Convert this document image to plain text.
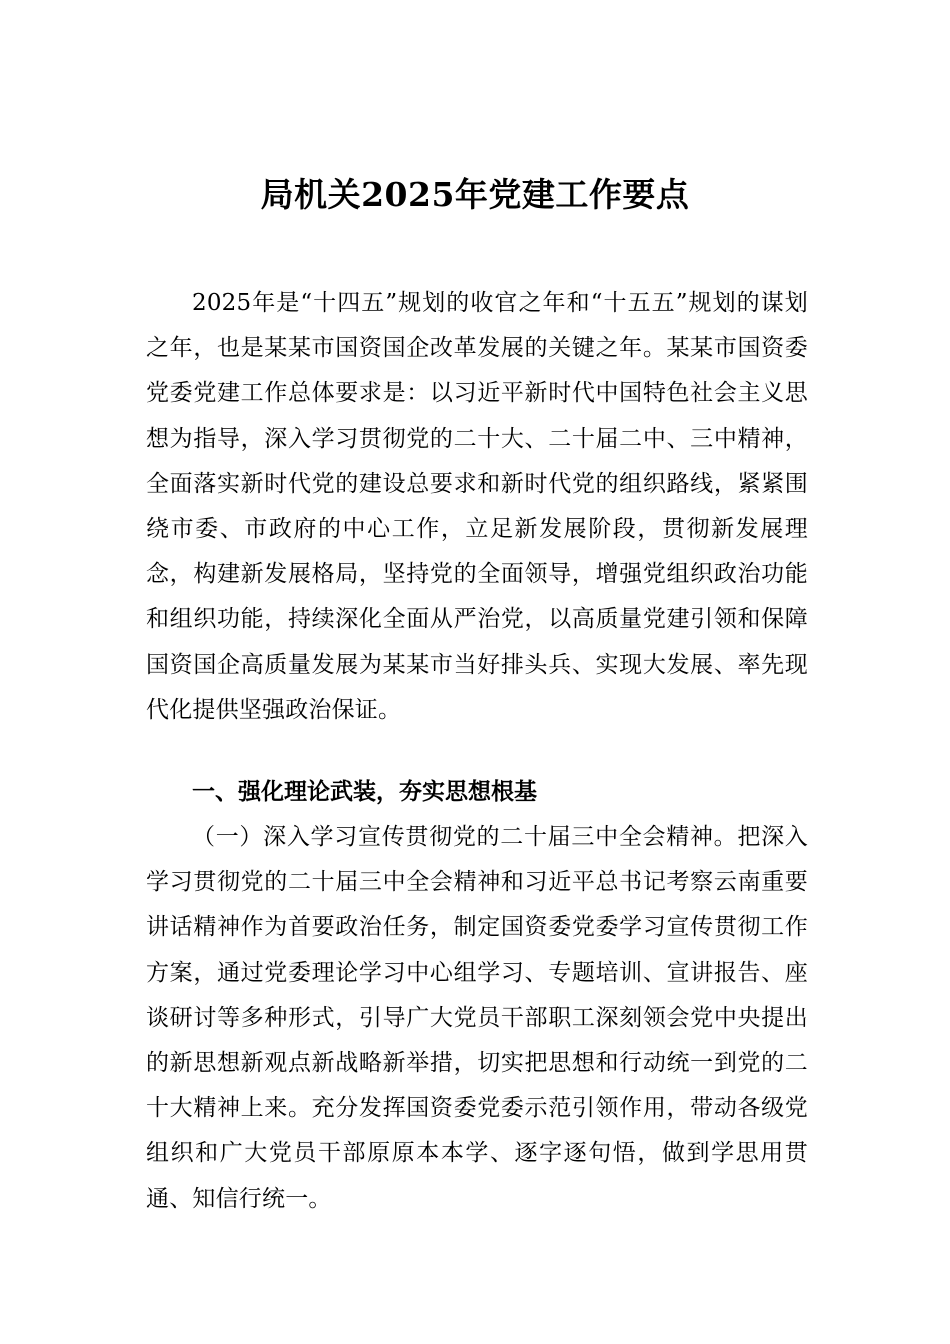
局机关2025年党建工作要点

2025年是“十四五”规划的收官之年和“十五五”规划的谋划之年，也是某某市国资国企改革发展的关键之年。某某市国资委党委党建工作总体要求是：以习近平新时代中国特色社会主义思想为指导，深入学习贯彻党的二十大、二十届二中、三中精神，全面落实新时代党的建设总要求和新时代党的组织路线，紧紧围绕市委、市政府的中心工作，立足新发展阶段，贯彻新发展理念，构建新发展格局，坚持党的全面领导，增强党组织政治功能和组织功能，持续深化全面从严治党，以高质量党建引领和保障国资国企高质量发展为某某市当好排头兵、实现大发展、率先现代化提供坚强政治保证。

一、强化理论武装，夯实思想根基

（一）深入学习宣传贯彻党的二十届三中全会精神。把深入学习贯彻党的二十届三中全会精神和习近平总书记考察云南重要讲话精神作为首要政治任务，制定国资委党委学习宣传贯彻工作方案，通过党委理论学习中心组学习、专题培训、宣讲报告、座谈研讨等多种形式，引导广大党员干部职工深刻领会党中央提出的新思想新观点新战略新举措，切实把思想和行动统一到党的二十大精神上来。充分发挥国资委党委示范引领作用，带动各级党组织和广大党员干部原原本本学、逐字逐句悟，做到学思用贯通、知信行统一。
